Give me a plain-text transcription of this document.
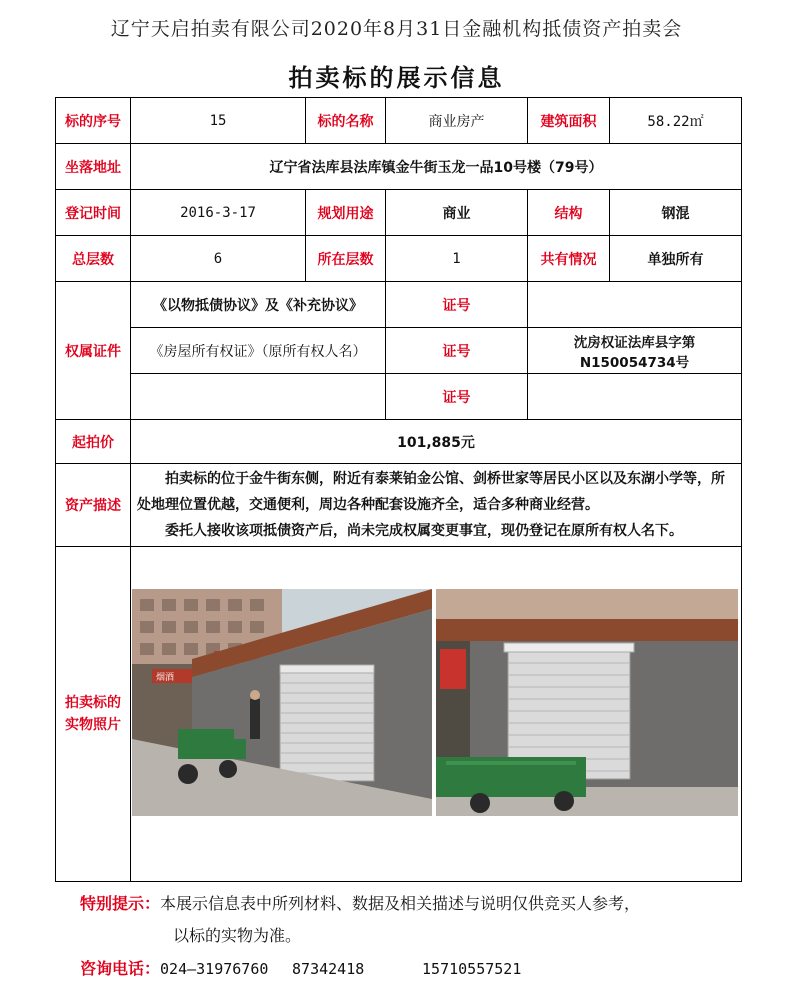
辽宁天启拍卖有限公司2020年8月31日金融机构抵债资产拍卖会
拍卖标的展示信息
标的序号	15	标的名称	商业房产	建筑面积	58.22㎡
坐落地址	辽宁省法库县法库镇金牛街玉龙一品10号楼（79号）				
登记时间	2016-3-17	规划用途	商业	结构	钢混
总层数	6	所在层数	1	共有情况	单独所有
权属证件	《以物抵债协议》及《补充协议》		证号		
	《房屋所有权证》（原所有权人名）		证号	沈房权证法库县字第N150054734号	
			证号		
起拍价	101,885元				
资产描述	拍卖标的位于金牛街东侧，附近有泰莱铂金公馆、剑桥世家等居民小区以及东湖小学等，所处地理位置优越，交通便利，周边各种配套设施齐全，适合多种商业经营。

委托人接收该项抵债资产后，尚未完成权属变更事宜，现仍登记在原所有权人名下。				

拍卖标的
实物照片	烟酒				
特别提示：本展示信息表中所列材料、数据及相关描述与说明仅供竞买人参考，
以标的实物为准。
咨询电话：024—31976760 87342418	15710557521
